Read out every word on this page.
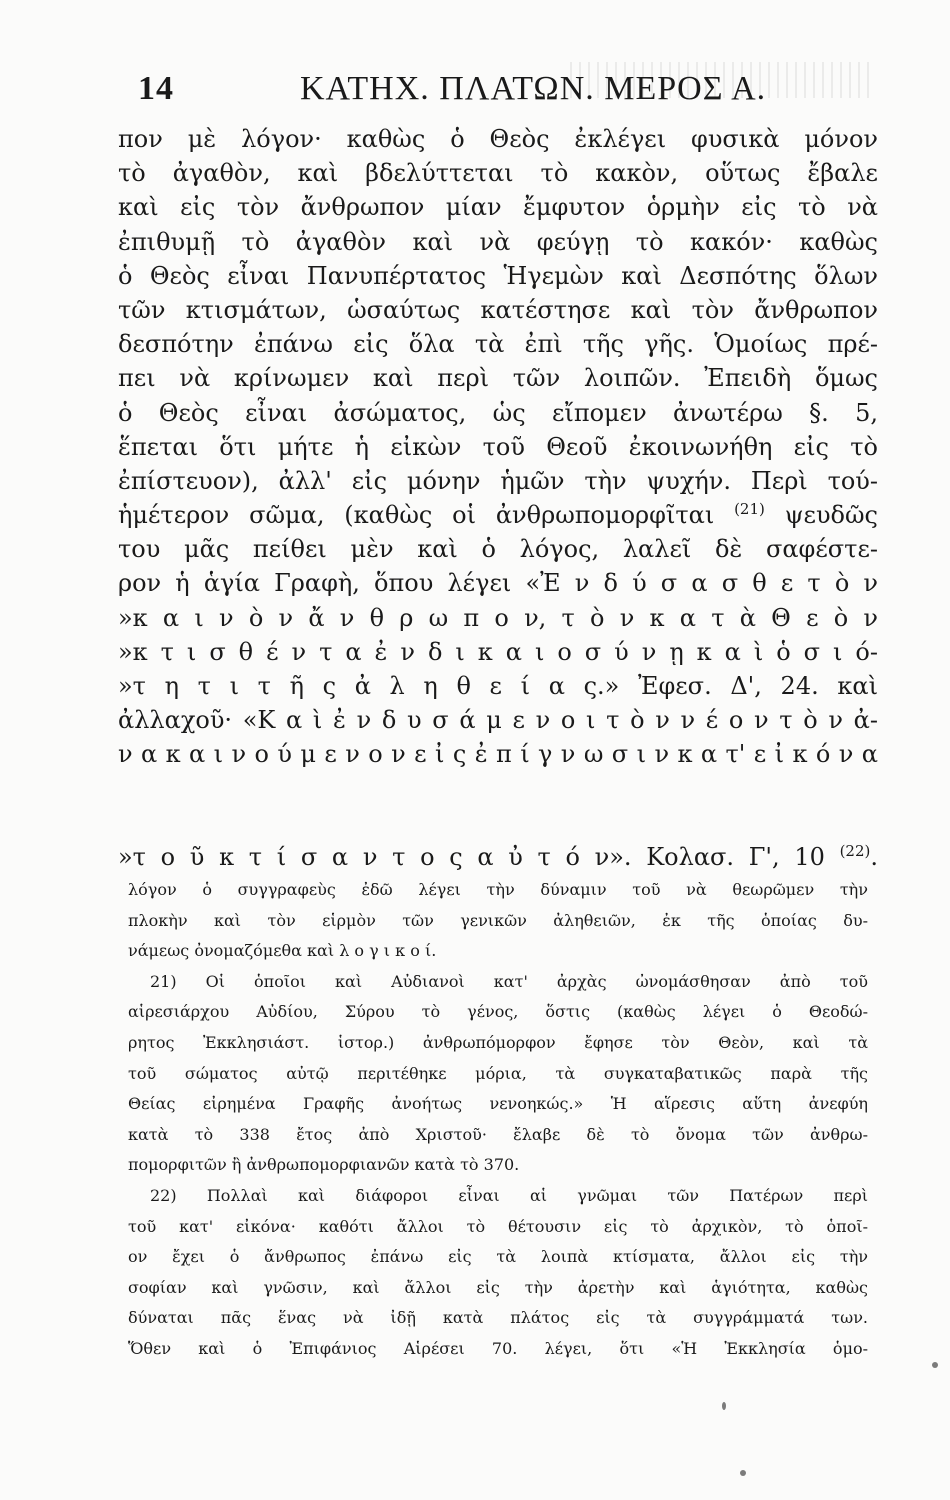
14	ΚΑΤΗΧ. ΠΛΑΤΩΝ. ΜΕΡΟΣ Α.
πον μὲ λόγον· καθὼς ὁ Θεὸς ἐκλέγει φυσικὰ μόνον
τὸ ἀγαθὸν, καὶ βδελύττεται τὸ κακὸν, οὕτως ἔβαλε
καὶ εἰς τὸν ἄνθρωπον μίαν ἔμφυτον ὁρμὴν εἰς τὸ νὰ
ἐπιθυμῇ τὸ ἀγαθὸν καὶ νὰ φεύγῃ τὸ κακόν· καθὼς
ὁ Θεὸς εἶναι Πανυπέρτατος Ἡγεμὼν καὶ Δεσπότης ὅλων
τῶν κτισμάτων, ὡσαύτως κατέστησε καὶ τὸν ἄνθρωπον
δεσπότην ἐπάνω εἰς ὅλα τὰ ἐπὶ τῆς γῆς. Ὁμοίως πρέ-
πει νὰ κρίνωμεν καὶ περὶ τῶν λοιπῶν. Ἐπειδὴ ὅμως
ὁ Θεὸς εἶναι ἀσώματος, ὡς εἴπομεν ἀνωτέρω §. 5,
ἕπεται ὅτι μήτε ἡ εἰκὼν τοῦ Θεοῦ ἐκοινωνήθη εἰς τὸ
ἐπίστευον), ἀλλ' εἰς μόνην ἡμῶν τὴν ψυχήν. Περὶ τού-
ἡμέτερον σῶμα, (καθὼς οἱ ἀνθρωπομορφῖται $^{(21)}$ ψευδῶς
του μᾶς πείθει μὲν καὶ ὁ λόγος, λαλεῖ δὲ σαφέστε-
ρον ἡ ἁγία Γραφὴ, ὅπου λέγει «Ἐ ν δ ύ σ α σ θ ε τ ὸ ν
»κ α ι ν ὸ ν ἄ ν θ ρ ω π ο ν, τ ὸ ν κ α τ ὰ Θ ε ὸ ν
»κ τ ι σ θ έ ν τ α ἐ ν δ ι κ α ι ο σ ύ ν ῃ κ α ὶ ὁ σ ι ό-
»τ η τ ι τ ῆ ς ἀ λ η θ ε ί α ς.» Ἐφεσ. Δ', 24. καὶ
ἀλλαχοῦ· «Κ α ὶ ἐ ν δ υ σ ά μ ε ν ο ι τ ὸ ν ν έ ο ν τ ὸ ν ἀ-
ν α κ α ι ν ο ύ μ ε ν ο ν ε ἰ ς ἐ π ί γ ν ω σ ι ν κ α τ' ε ἰ κ ό ν α
»τ ο ῦ κ τ ί σ α ν τ ο ς α ὐ τ ό ν». Κολασ. Γ', 10 $^{(22)}$.
λόγον ὁ συγγραφεὺς ἐδῶ λέγει τὴν δύναμιν τοῦ νὰ θεωρῶμεν τὴν
πλοκὴν καὶ τὸν εἱρμὸν τῶν γενικῶν ἀληθειῶν, ἐκ τῆς ὁποίας δυ-
νάμεως ὀνομαζόμεθα καὶ λ ο γ ι κ ο ί.
21) Οἱ ὁποῖοι καὶ Αὐδιανοὶ κατ' ἀρχὰς ὠνομάσθησαν ἀπὸ τοῦ
αἱρεσιάρχου Αὐδίου, Σύρου τὸ γένος, ὅστις (καθὼς λέγει ὁ Θεοδώ-
ρητος Ἐκκλησιάστ. ἱστορ.) ἀνθρωπόμορφον ἔφησε τὸν Θεὸν, καὶ τὰ
τοῦ σώματος αὐτῷ περιτέθηκε μόρια, τὰ συγκαταβατικῶς παρὰ τῆς
Θείας εἰρημένα Γραφῆς ἀνοήτως νενοηκώς.» Ἡ αἵρεσις αὕτη ἀνεφύη
κατὰ τὸ 338 ἔτος ἀπὸ Χριστοῦ· ἔλαβε δὲ τὸ ὄνομα τῶν ἀνθρω-
πομορφιτῶν ἢ ἀνθρωπομορφιανῶν κατὰ τὸ 370.
22) Πολλαὶ καὶ διάφοροι εἶναι αἱ γνῶμαι τῶν Πατέρων περὶ
τοῦ κατ' εἰκόνα· καθότι ἄλλοι τὸ θέτουσιν εἰς τὸ ἀρχικὸν, τὸ ὁποῖ-
ον ἔχει ὁ ἄνθρωπος ἐπάνω εἰς τὰ λοιπὰ κτίσματα, ἄλλοι εἰς τὴν
σοφίαν καὶ γνῶσιν, καὶ ἄλλοι εἰς τὴν ἀρετὴν καὶ ἁγιότητα, καθὼς
δύναται πᾶς ἕνας νὰ ἰδῇ κατὰ πλάτος εἰς τὰ συγγράμματά των.
Ὅθεν καὶ ὁ Ἐπιφάνιος Αἱρέσει 70. λέγει, ὅτι «Ἡ Ἐκκλησία ὁμο-
